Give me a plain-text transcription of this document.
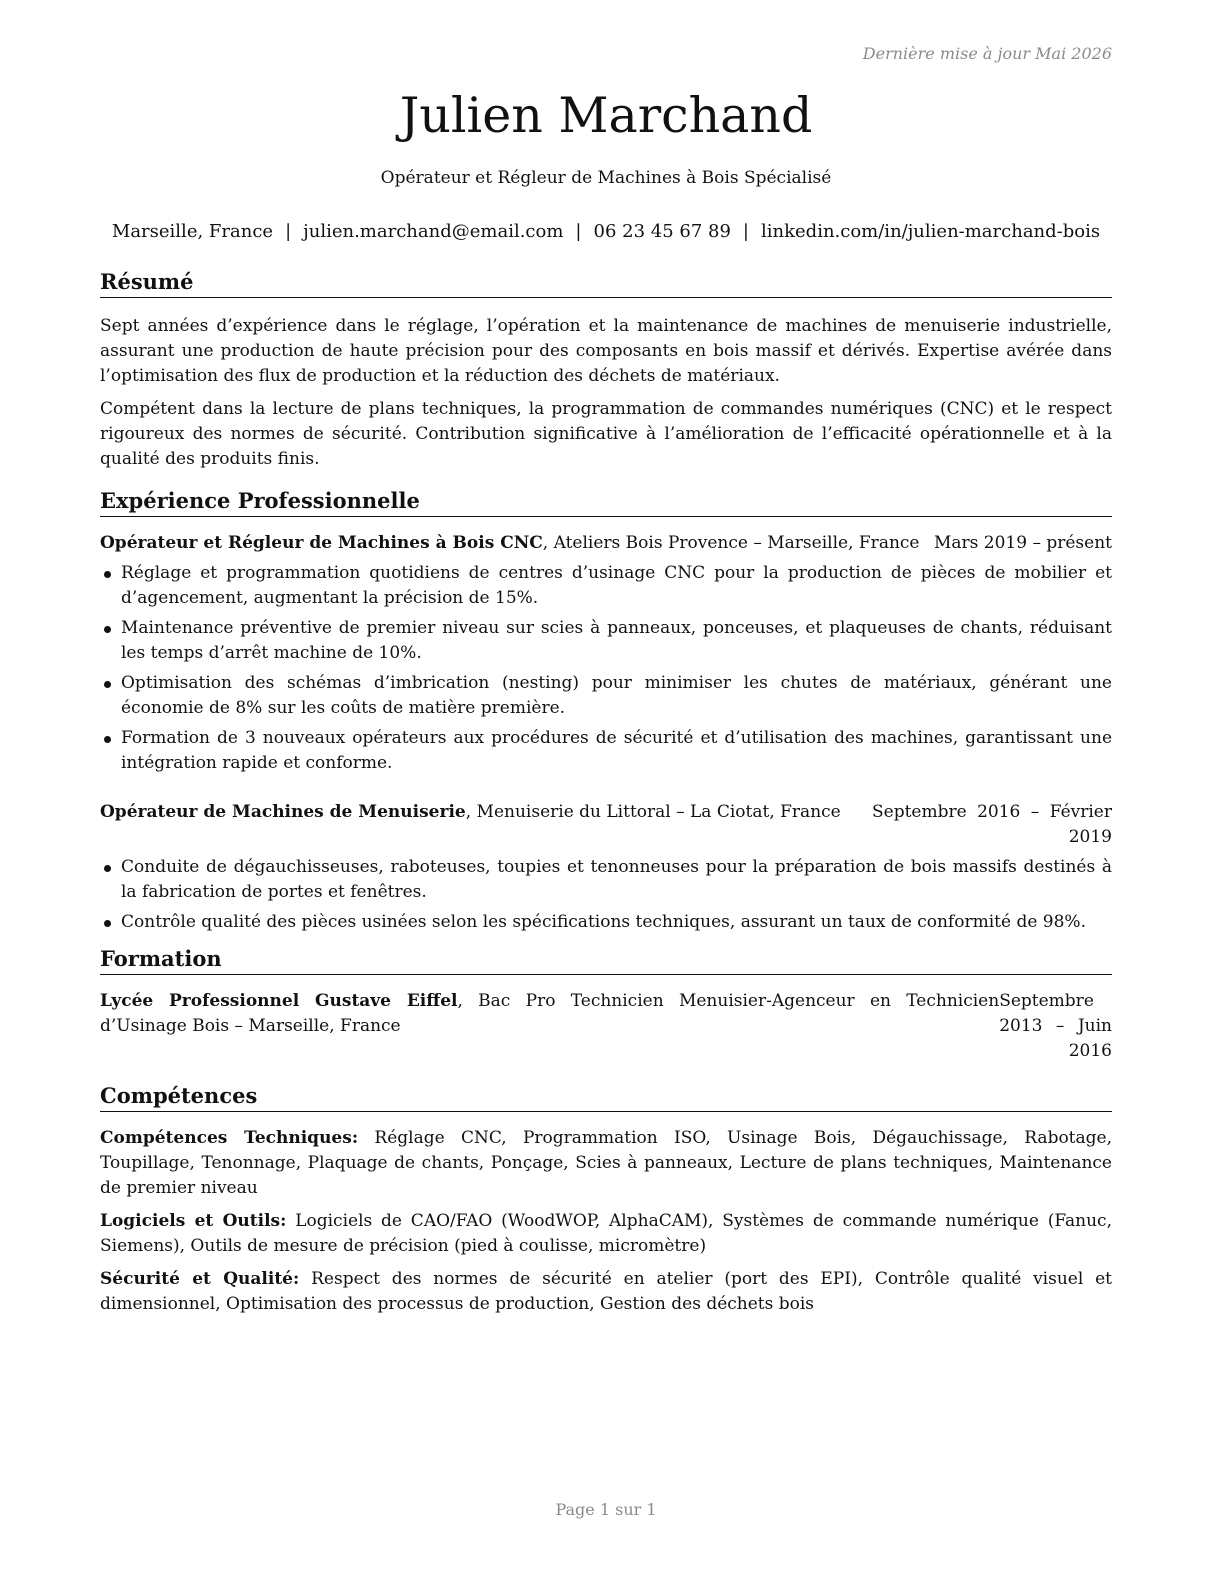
Dernière mise à jour Mai 2026
Julien Marchand
Opérateur et Régleur de Machines à Bois Spécialisé
Marseille, France | julien.marchand@email.com | 06 23 45 67 89 | linkedin.com/in/julien-marchand-bois
Résumé

Sept années d’expérience dans le réglage, l’opération et la maintenance de machines de menuiserie industrielle, assurant une production de haute précision pour des composants en bois massif et dérivés. Expertise avérée dans l’optimisation des flux de production et la réduction des déchets de matériaux.

Compétent dans la lecture de plans techniques, la programmation de commandes numériques (CNC) et le respect rigoureux des normes de sécurité. Contribution significative à l’amélioration de l’efficacité opérationnelle et à la qualité des produits finis.

Expérience Professionnelle
Opérateur et Régleur de Machines à Bois CNC, Ateliers Bois Provence – Marseille, France Mars 2019 – présent
Réglage et programmation quotidiens de centres d’usinage CNC pour la production de pièces de mobilier et d’agencement, augmentant la précision de 15%.
Maintenance préventive de premier niveau sur scies à panneaux, ponceuses, et plaqueuses de chants, réduisant les temps d’arrêt machine de 10%.
Optimisation des schémas d’imbrication (nesting) pour minimiser les chutes de matériaux, générant une économie de 8% sur les coûts de matière première.
Formation de 3 nouveaux opérateurs aux procédures de sécurité et d’utilisation des machines, garantissant une intégration rapide et conforme.
Opérateur de Machines de Menuiserie, Menuiserie du Littoral – La Ciotat, France	Septembre 2016 – Février 2019
Conduite de dégauchisseuses, raboteuses, toupies et tenonneuses pour la préparation de bois massifs destinés à la fabrication de portes et fenêtres.
Contrôle qualité des pièces usinées selon les spécifications techniques, assurant un taux de conformité de 98%.
Formation
Lycée Professionnel Gustave Eiffel, Bac Pro Technicien Menuisier-Agenceur en Technicien d’Usinage Bois – Marseille, France
Septembre 2013 – Juin 2016
Compétences

Compétences Techniques: Réglage CNC, Programmation ISO, Usinage Bois, Dégauchissage, Rabotage, Toupillage, Tenonnage, Plaquage de chants, Ponçage, Scies à panneaux, Lecture de plans techniques, Maintenance de premier niveau

Logiciels et Outils: Logiciels de CAO/FAO (WoodWOP, AlphaCAM), Systèmes de commande numérique (Fanuc, Siemens), Outils de mesure de précision (pied à coulisse, micromètre)

Sécurité et Qualité: Respect des normes de sécurité en atelier (port des EPI), Contrôle qualité visuel et dimensionnel, Optimisation des processus de production, Gestion des déchets bois

Page 1 sur 1
